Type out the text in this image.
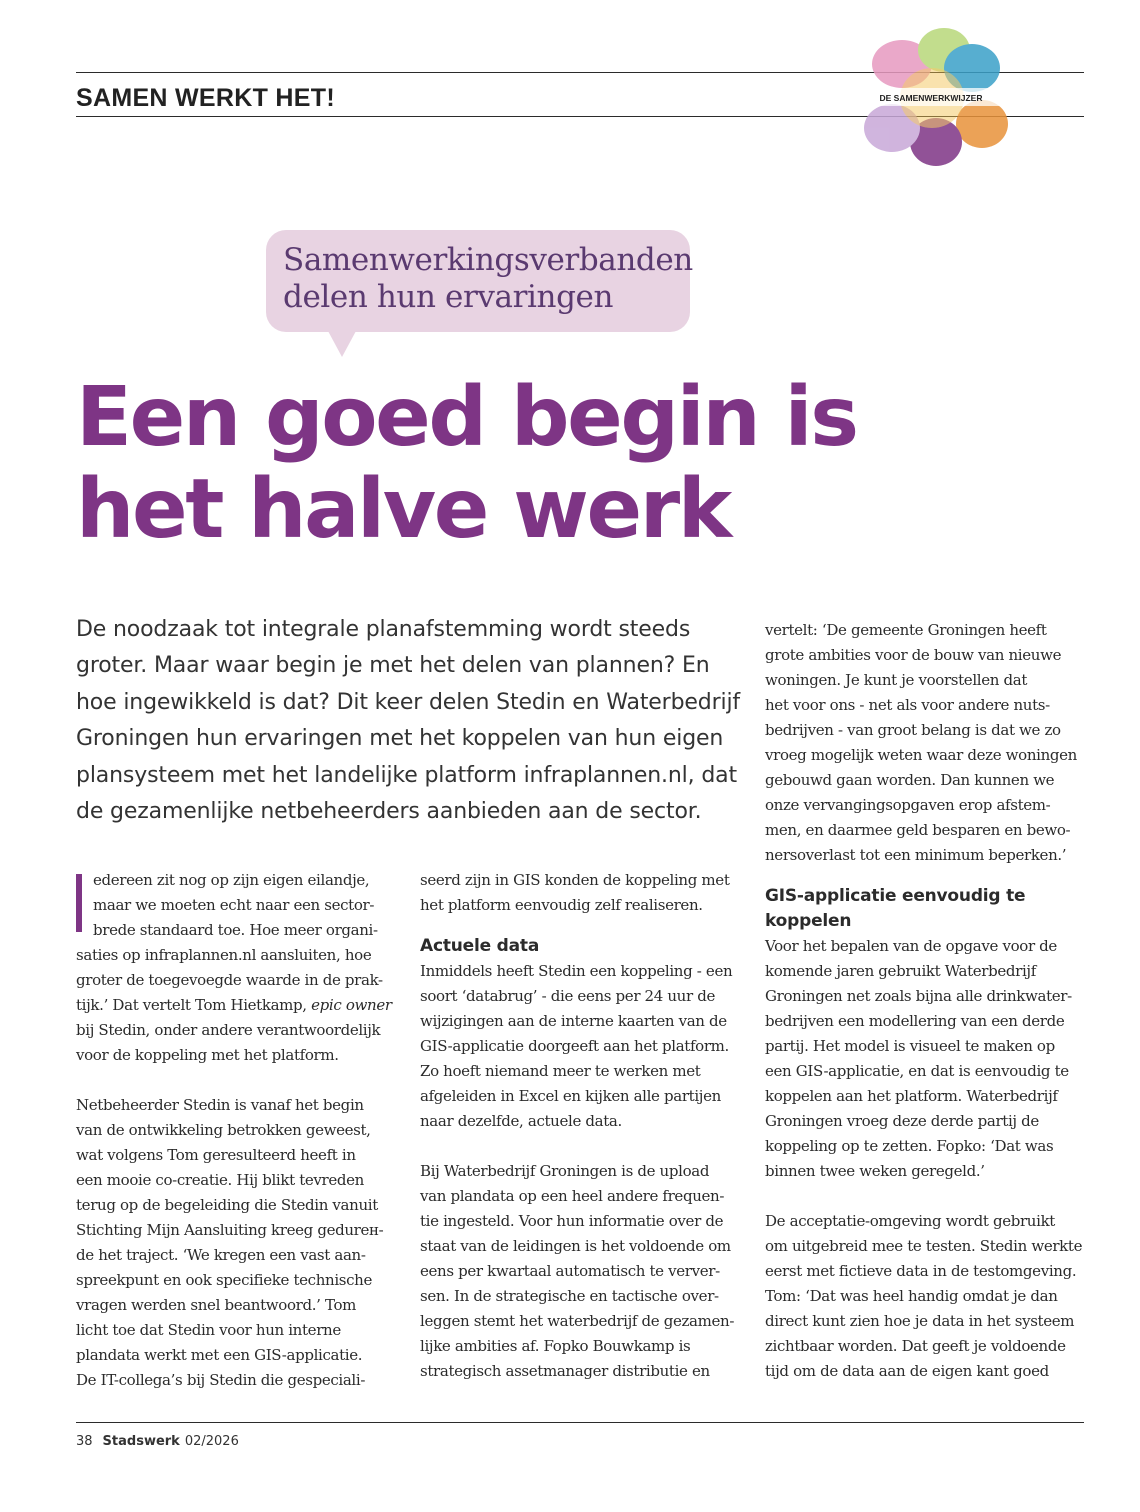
SAMEN WERKT HET!	DE SAMENWERKWIJZER
Samenwerkingsverbanden
delen hun ervaringen
Een goed begin is
het halve werk

De noodzaak tot integrale planafstemming wordt steeds
groter. Maar waar begin je met het delen van plannen? En
hoe ingewikkeld is dat? Dit keer delen Stedin en Waterbedrijf
Groningen hun ervaringen met het koppelen van hun eigen
plansysteem met het landelijke platform infraplannen.nl, dat
de gezamenlijke netbeheerders aanbieden aan de sector.

edereen zit nog op zijn eigen eilandje,
maar we moeten echt naar een sector-
brede standaard toe. Hoe meer organi-
saties op infraplannen.nl aansluiten, hoe
groter de toegevoegde waarde in de prak-
tijk.’ Dat vertelt Tom Hietkamp, epic owner
bij Stedin, onder andere verantwoordelijk
voor de koppeling met het platform.
Netbeheerder Stedin is vanaf het begin
van de ontwikkeling betrokken geweest,
wat volgens Tom geresulteerd heeft in
een mooie co-creatie. Hij blikt tevreden
terug op de begeleiding die Stedin vanuit
Stichting Mijn Aansluiting kreeg gedurен-
de het traject. ‘We kregen een vast aan-
spreekpunt en ook specifieke technische
vragen werden snel beantwoord.’ Tom
licht toe dat Stedin voor hun interne
plandata werkt met een GIS-applicatie.
De IT-collega’s bij Stedin die gespeciali-
seerd zijn in GIS konden de koppeling met
het platform eenvoudig zelf realiseren.
Actuele data
Inmiddels heeft Stedin een koppeling - een
soort ‘databrug’ - die eens per 24 uur de
wijzigingen aan de interne kaarten van de
GIS-applicatie doorgeeft aan het platform.
Zo hoeft niemand meer te werken met
afgeleiden in Excel en kijken alle partijen
naar dezelfde, actuele data.
Bij Waterbedrijf Groningen is de upload
van plandata op een heel andere frequen-
tie ingesteld. Voor hun informatie over de
staat van de leidingen is het voldoende om
eens per kwartaal automatisch te verver-
sen. In de strategische en tactische over-
leggen stemt het waterbedrijf de gezamen-
lijke ambities af. Fopko Bouwkamp is
strategisch assetmanager distributie en
vertelt: ‘De gemeente Groningen heeft
grote ambities voor de bouw van nieuwe
woningen. Je kunt je voorstellen dat
het voor ons - net als voor andere nuts-
bedrijven - van groot belang is dat we zo
vroeg mogelijk weten waar deze woningen
gebouwd gaan worden. Dan kunnen we
onze vervangingsopgaven erop afstem-
men, en daarmee geld besparen en bewo-
nersoverlast tot een minimum beperken.’
GIS-applicatie eenvoudig te
koppelen
Voor het bepalen van de opgave voor de
komende jaren gebruikt Waterbedrijf
Groningen net zoals bijna alle drinkwater-
bedrijven een modellering van een derde
partij. Het model is visueel te maken op
een GIS-applicatie, en dat is eenvoudig te
koppelen aan het platform. Waterbedrijf
Groningen vroeg deze derde partij de
koppeling op te zetten. Fopko: ‘Dat was
binnen twee weken geregeld.’
De acceptatie-omgeving wordt gebruikt
om uitgebreid mee te testen. Stedin werkte
eerst met fictieve data in de testomgeving.
Tom: ‘Dat was heel handig omdat je dan
direct kunt zien hoe je data in het systeem
zichtbaar worden. Dat geeft je voldoende
tijd om de data aan de eigen kant goed
38 Stadswerk 02/2026
